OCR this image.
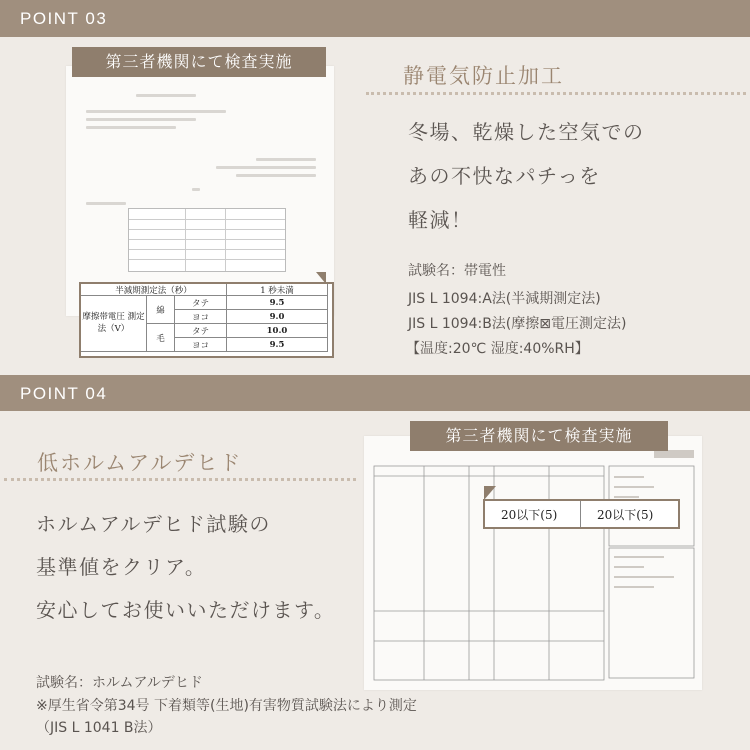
POINT 03
第三者機関にて検査実施
半減期測定法（秒）	1 秒未満
摩擦帯電圧 測定法（V）
綿
毛
タテ
ヨコ
タテ
ヨコ
9.5
9.0
10.0
9.5
静電気防止加工
冬場、乾燥した空気での
あの不快なパチっを
軽減！
試験名：帯電性
JIS L 1094:A法(半減期測定法)
JIS L 1094:B法(摩擦⊠電圧測定法)
【温度:20℃ 湿度:40%RH】
POINT 04
低ホルムアルデヒド
ホルムアルデヒド試験の
基準値をクリア。
安心してお使いいただけます。
試験名：ホルムアルデヒド
※厚生省令第34号 下着類等(生地)有害物質試験法により測定
（JIS L 1041 B法）
第三者機関にて検査実施
20以下(5)	20以下(5)
